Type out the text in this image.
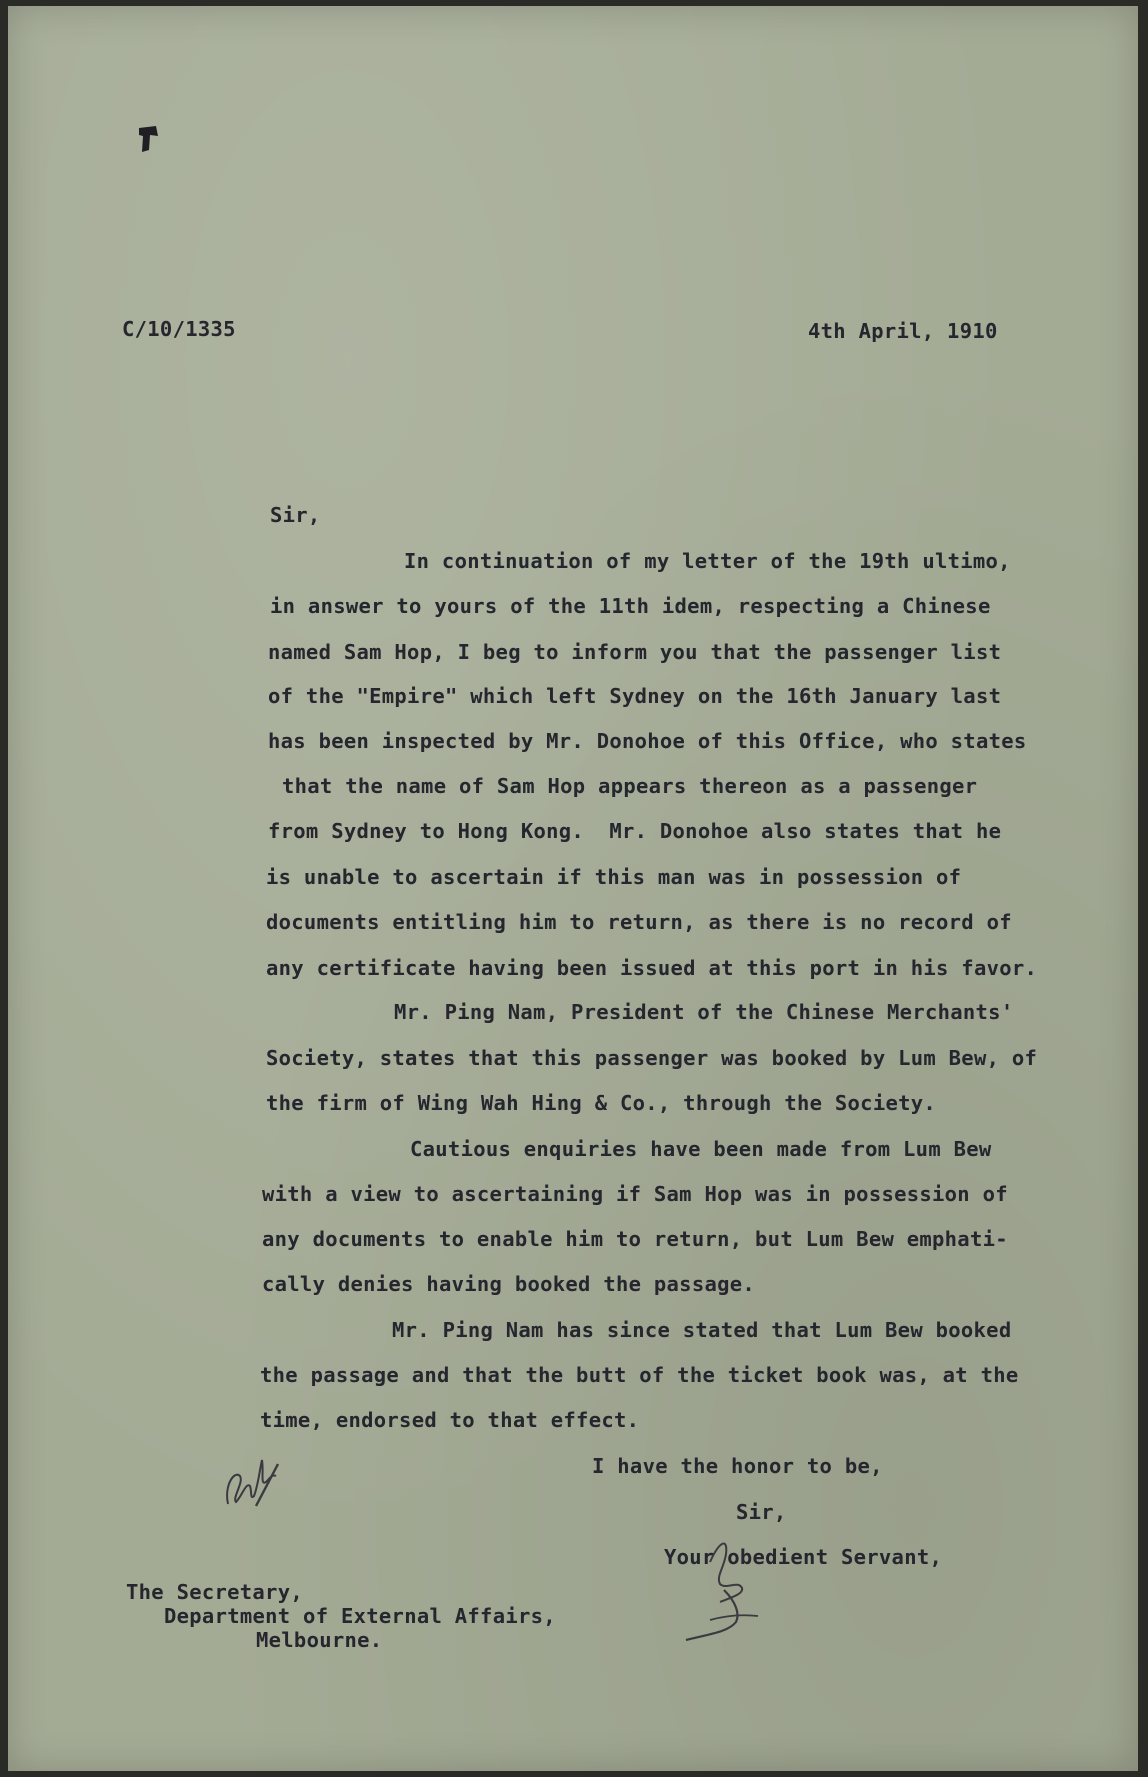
C/10/1335	4th April, 1910
Sir,
In continuation of my letter of the 19th ultimo,
in answer to yours of the 11th idem, respecting a Chinese
named Sam Hop, I beg to inform you that the passenger list
of the "Empire" which left Sydney on the 16th January last
has been inspected by Mr. Donohoe of this Office, who states
that the name of Sam Hop appears thereon as a passenger
from Sydney to Hong Kong.  Mr. Donohoe also states that he
is unable to ascertain if this man was in possession of
documents entitling him to return, as there is no record of
any certificate having been issued at this port in his favor.
Mr. Ping Nam, President of the Chinese Merchants'
Society, states that this passenger was booked by Lum Bew, of
the firm of Wing Wah Hing & Co., through the Society.
Cautious enquiries have been made from Lum Bew
with a view to ascertaining if Sam Hop was in possession of
any documents to enable him to return, but Lum Bew emphati-
cally denies having booked the passage.
Mr. Ping Nam has since stated that Lum Bew booked
the passage and that the butt of the ticket book was, at the
time, endorsed to that effect.
I have the honor to be,
Sir,
Your obedient Servant,
The Secretary,
Department of External Affairs,
Melbourne.
